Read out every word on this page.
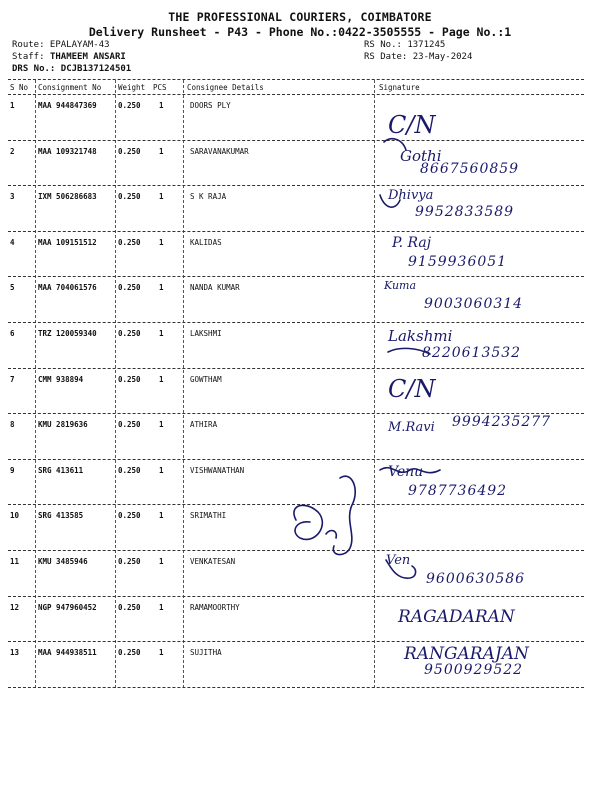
THE PROFESSIONAL COURIERS, COIMBATORE
Delivery Runsheet - P43 - Phone No.:0422-3505555 - Page No.:1
Route: EPALAYAM-43
Staff: THAMEEM ANSARI
DRS No.: DCJB137124501
RS No.: 1371245
RS Date: 23-May-2024
S No Consignment No Weight PCS	Consignee Details	Signature
1	MAA 944847369	0.250 1	DOORS PLY
C/N
2	MAA 109321748	0.250 1	SARAVANAKUMAR	Gothi
8667560859
3	IXM 506286683	0.250 1	S K RAJA	Dhivya
9952833589
4	MAA 109151512	0.250 1	KALIDAS	P. Raj
9159936051
5	MAA 704061576	0.250 1	NANDA KUMAR	Kuma
9003060314
6	TRZ 120059340	0.250 1	LAKSHMI	Lakshmi
8220613532
7	CMM 938894	0.250 1	GOWTHAM	C/N
8	KMU 2819636	0.250 1	ATHIRA	M.Ravi 9994235277
9	SRG 413611	0.250 1	VISHWANATHAN	Venu
9787736492
10	SRG 413585	0.250 1	SRIMATHI
11	KMU 3485946	0.250 1	VENKATESAN	Ven
9600630586
12	NGP 947960452	0.250 1	RAMAMOORTHY	RAGADARAN
13	MAA 944938511	0.250 1	SUJITHA	RANGARAJAN
9500929522
